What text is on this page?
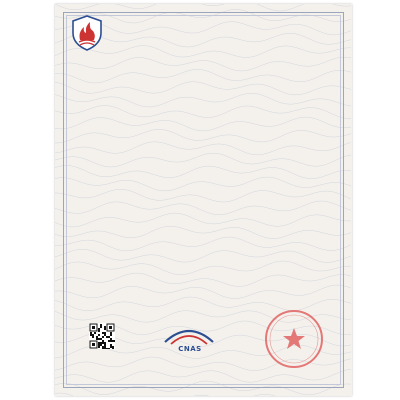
CNAS
